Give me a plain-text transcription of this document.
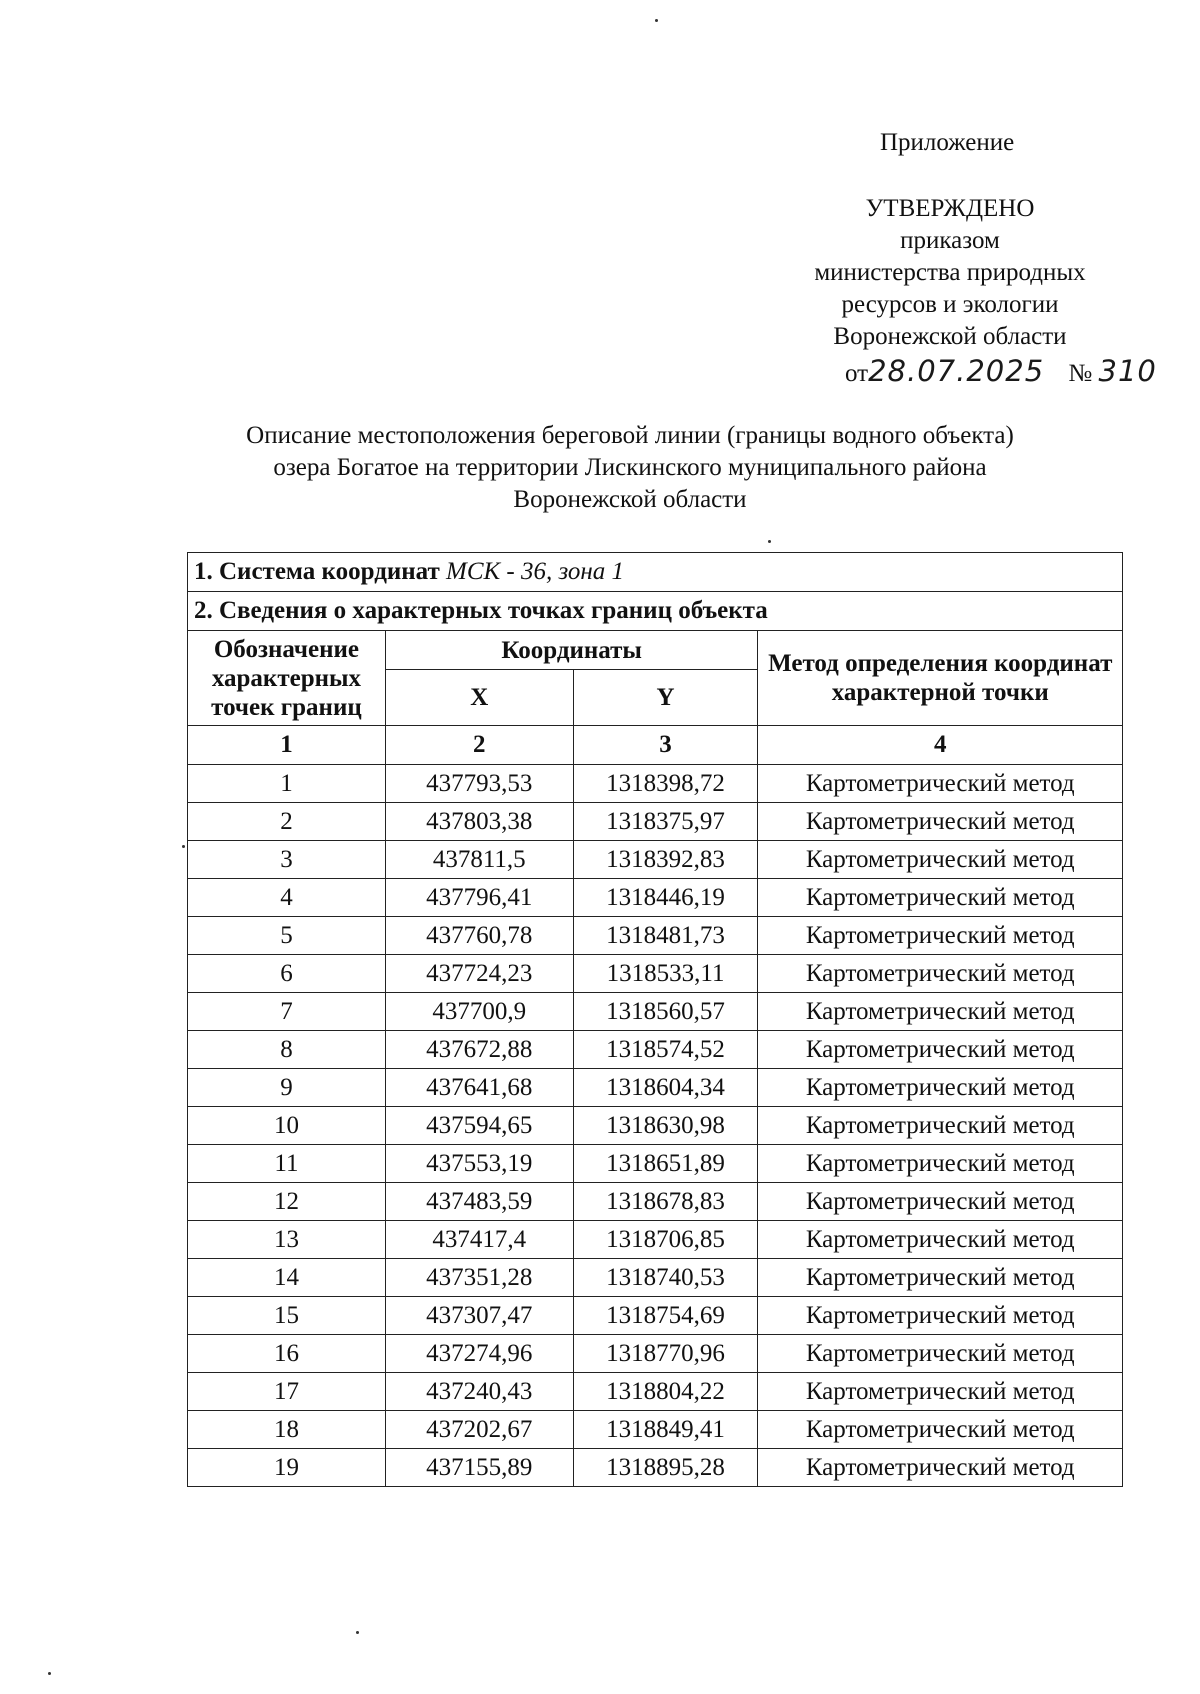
Приложение
УТВЕРЖДЕНО
приказом
министерства природных
ресурсов и экологии
Воронежской области
от28.07.2025 № 310
Описание местоположения береговой линии (границы водного объекта)
озера Богатое на территории Лискинского муниципального района
Воронежской области
1. Система координат МСК - 36, зона 1			
2. Сведения о характерных точках границ объекта			
Обозначение характерных точек границ	Координаты		Метод определения координат характерной точки
	X	Y	
1	2	3	4
1	437793,53	1318398,72	Картометрический метод
2	437803,38	1318375,97	Картометрический метод
3	437811,5	1318392,83	Картометрический метод
4	437796,41	1318446,19	Картометрический метод
5	437760,78	1318481,73	Картометрический метод
6	437724,23	1318533,11	Картометрический метод
7	437700,9	1318560,57	Картометрический метод
8	437672,88	1318574,52	Картометрический метод
9	437641,68	1318604,34	Картометрический метод
10	437594,65	1318630,98	Картометрический метод
11	437553,19	1318651,89	Картометрический метод
12	437483,59	1318678,83	Картометрический метод
13	437417,4	1318706,85	Картометрический метод
14	437351,28	1318740,53	Картометрический метод
15	437307,47	1318754,69	Картометрический метод
16	437274,96	1318770,96	Картометрический метод
17	437240,43	1318804,22	Картометрический метод
18	437202,67	1318849,41	Картометрический метод
19	437155,89	1318895,28	Картометрический метод
